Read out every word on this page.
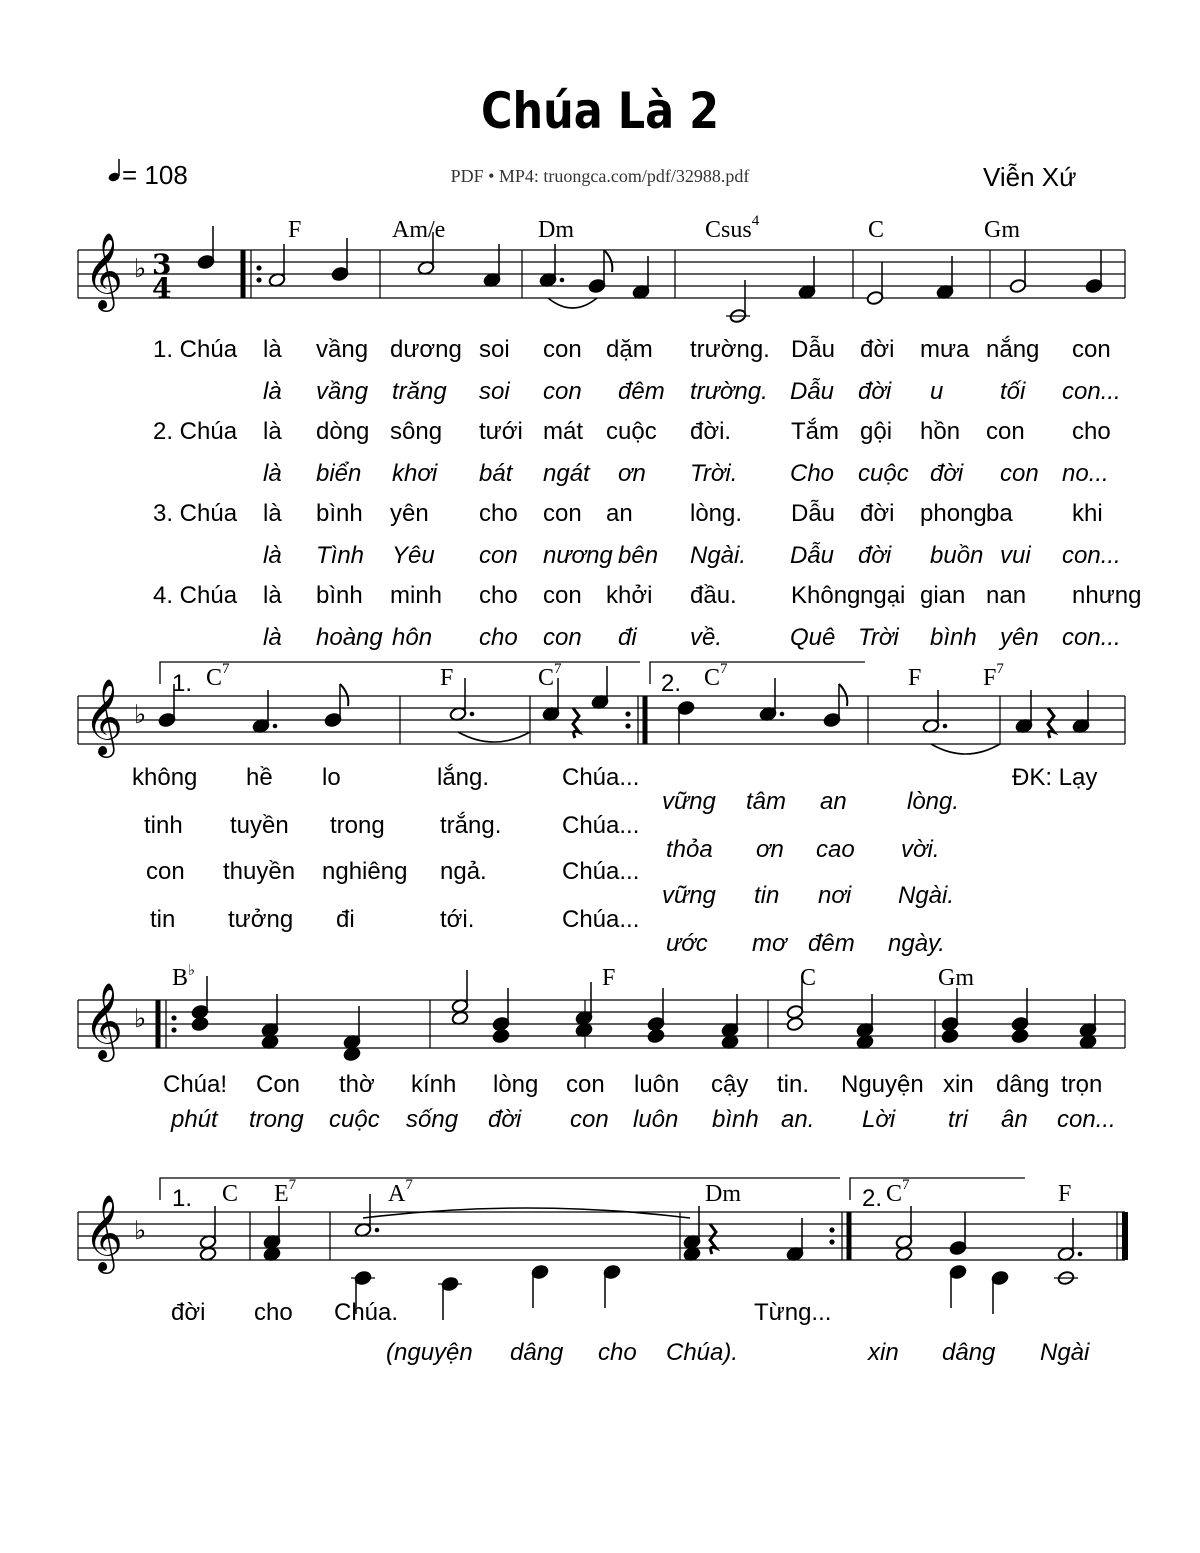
Chúa Là 2
= 108	PDF • MP4: truongca.com/pdf/32988.pdf	Viễn Xứ
𝄞 ♭ 3
4
𝄞 ♭
𝄞 ♭
𝄞 ♭
F	Am/e	Dm	Csus$^4$	C	Gm
$C^7$	F	$C^7$	$C^7$	F	$F^7$
B♭	F	C	Gm
C $E^7$	$A^7$	Dm	$C^7$	F
1.	2.
1.	2.
1. Chúa là vầng dương soi con dặm trường. Dẫu đời mưa nắng con
là vầng trăng soi con đêm trường. Dẫu đời u tối con...
2. Chúa là dòng sông tưới mát cuộc đời. Tắm gội hồn con cho
là biển khơi bát ngát ơn Trời. Cho cuộc đời con no...
3. Chúa là bình yên cho con an lòng. Dẫu đời phong ba khi
là Tình Yêu con nương bên Ngài. Dẫu đời buồn vui con...
4. Chúa là bình minh cho con khởi đầu. Không ngại gian nan nhưng
là hoàng hôn cho con đi về.	Quê Trời bình yên con...
không hề lo	lắng.	Chúa...
tinh tuyền trong trắng.	Chúa...
con thuyền nghiêng ngả.	Chúa...
tin tưởng đi	tới.	Chúa...
ĐK: Lạy
vững tâm an	lòng.
thỏa ơn cao vời.
vững tin nơi Ngài.
ước mơ đêm ngày.
Chúa! Con thờ kính lòng con luôn cậy tin. Nguyện xin dâng trọn
phút trong cuộc sống đời con luôn bình an. Lời tri ân con...
đời cho Chúa.	Từng...
(nguyện dâng cho Chúa).	xin dâng Ngài
